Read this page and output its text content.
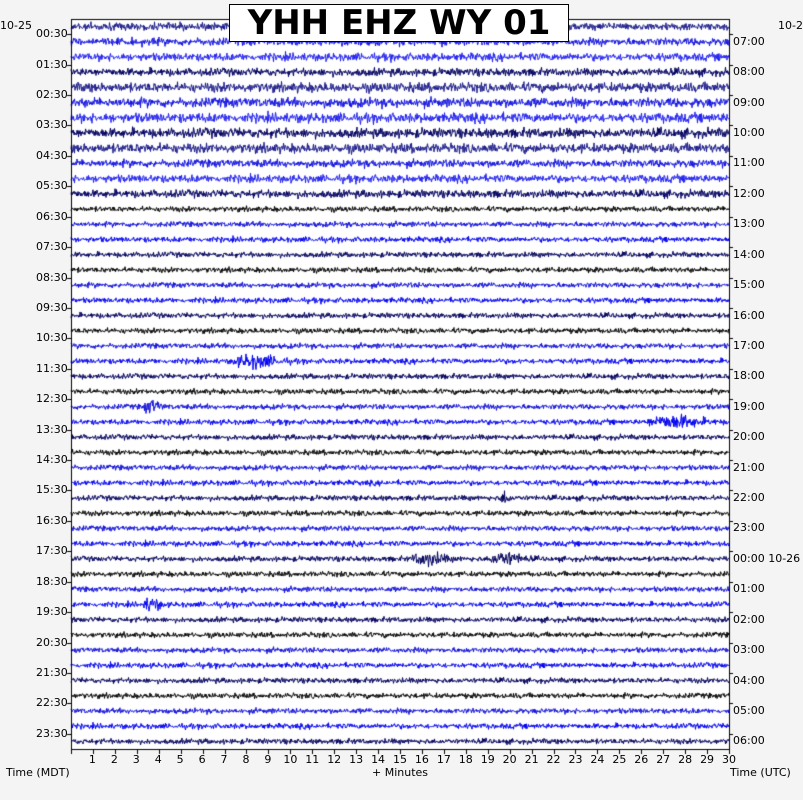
YHH EHZ WY 01
10-25	10-2
00:30
01:30
02:30
03:30
04:30
05:30
06:30
07:30
08:30
09:30
10:30
11:30
12:30
13:30
14:30
15:30
16:30
17:30
18:30
19:30
20:30
21:30
22:30
23:30
07:00
08:00
09:00
10:00
11:00
12:00
13:00
14:00
15:00
16:00
17:00
18:00
19:00
20:00
21:00
22:00
23:00
00:00 10-26
01:00
02:00
03:00
04:00
05:00
06:00
1 2 3 4 5 6 7 8 9 10 11 12 13 14 15 16 17 18 19 20 21 22 23 24 25 26 27 28 29 30
Time (MDT)	+ Minutes	Time (UTC)
